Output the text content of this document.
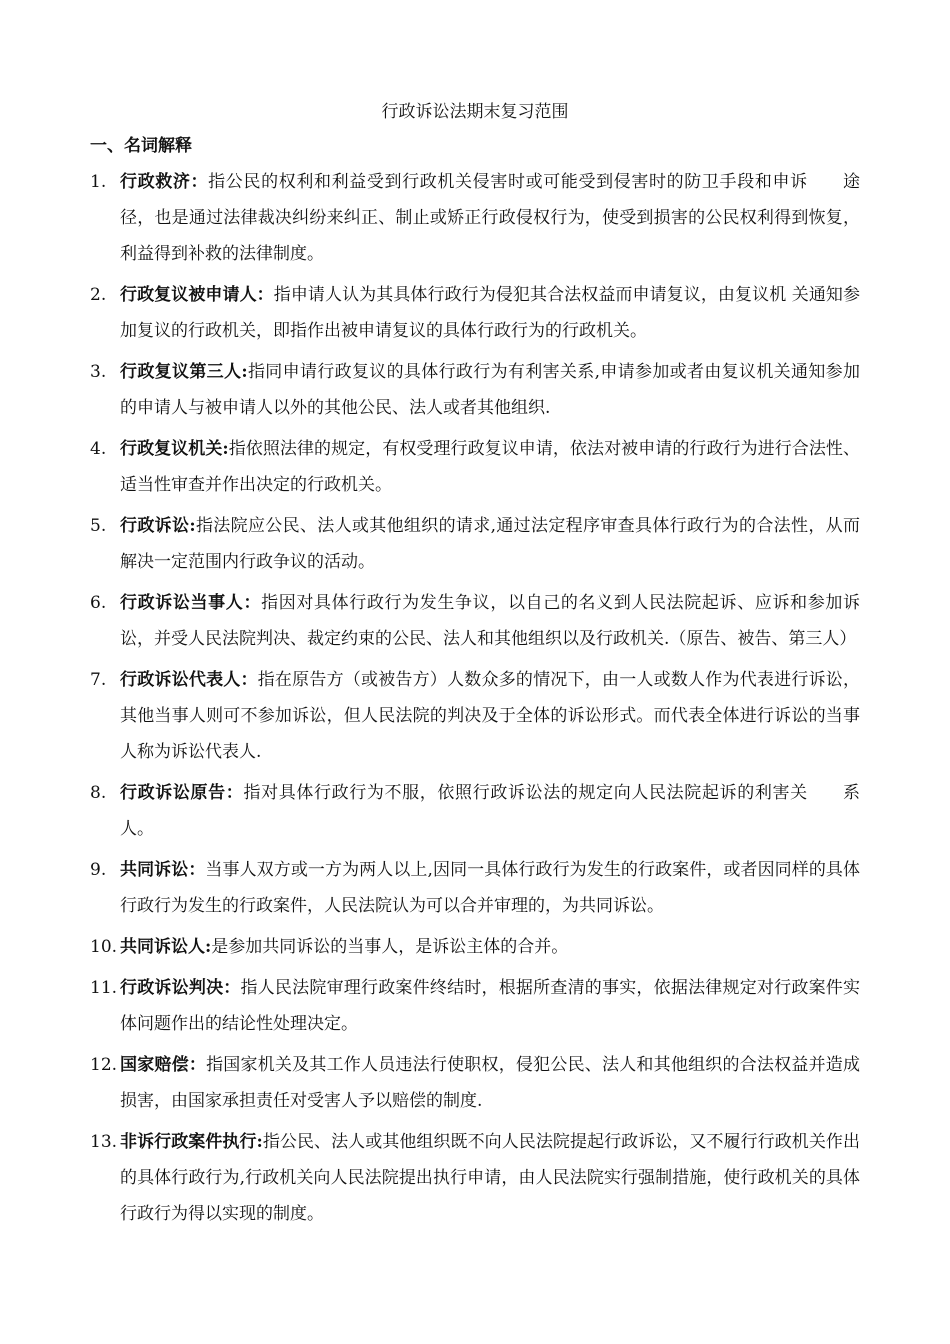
行政诉讼法期末复习范围
一、名词解释
1. 行政救济：指公民的权利和利益受到行政机关侵害时或可能受到侵害时的防卫手段和申诉　　途径，也是通过法律裁决纠纷来纠正、制止或矫正行政侵权行为，使受到损害的公民权利得到恢复，利益得到补救的法律制度。
2. 行政复议被申请人：指申请人认为其具体行政行为侵犯其合法权益而申请复议，由复议机 关通知参加复议的行政机关，即指作出被申请复议的具体行政行为的行政机关。
3. 行政复议第三人:指同申请行政复议的具体行政行为有利害关系,申请参加或者由复议机关通知参加的申请人与被申请人以外的其他公民、法人或者其他组织.
4. 行政复议机关:指依照法律的规定，有权受理行政复议申请，依法对被申请的行政行为进行合法性、适当性审查并作出决定的行政机关。
5. 行政诉讼:指法院应公民、法人或其他组织的请求,通过法定程序审查具体行政行为的合法性，从而解决一定范围内行政争议的活动。
6. 行政诉讼当事人：指因对具体行政行为发生争议，以自己的名义到人民法院起诉、应诉和参加诉讼，并受人民法院判决、裁定约束的公民、法人和其他组织以及行政机关.（原告、被告、第三人）
7. 行政诉讼代表人：指在原告方（或被告方）人数众多的情况下，由一人或数人作为代表进行诉讼，其他当事人则可不参加诉讼，但人民法院的判决及于全体的诉讼形式。而代表全体进行诉讼的当事人称为诉讼代表人.
8. 行政诉讼原告：指对具体行政行为不服，依照行政诉讼法的规定向人民法院起诉的利害关　　系人。
9. 共同诉讼：当事人双方或一方为两人以上,因同一具体行政行为发生的行政案件，或者因同样的具体行政行为发生的行政案件，人民法院认为可以合并审理的，为共同诉讼。
10. 共同诉讼人:是参加共同诉讼的当事人，是诉讼主体的合并。
11. 行政诉讼判决：指人民法院审理行政案件终结时，根据所查清的事实，依据法律规定对行政案件实体问题作出的结论性处理决定。
12. 国家赔偿：指国家机关及其工作人员违法行使职权，侵犯公民、法人和其他组织的合法权益并造成损害，由国家承担责任对受害人予以赔偿的制度.
13. 非诉行政案件执行:指公民、法人或其他组织既不向人民法院提起行政诉讼，又不履行行政机关作出的具体行政行为,行政机关向人民法院提出执行申请，由人民法院实行强制措施，使行政机关的具体行政行为得以实现的制度。
